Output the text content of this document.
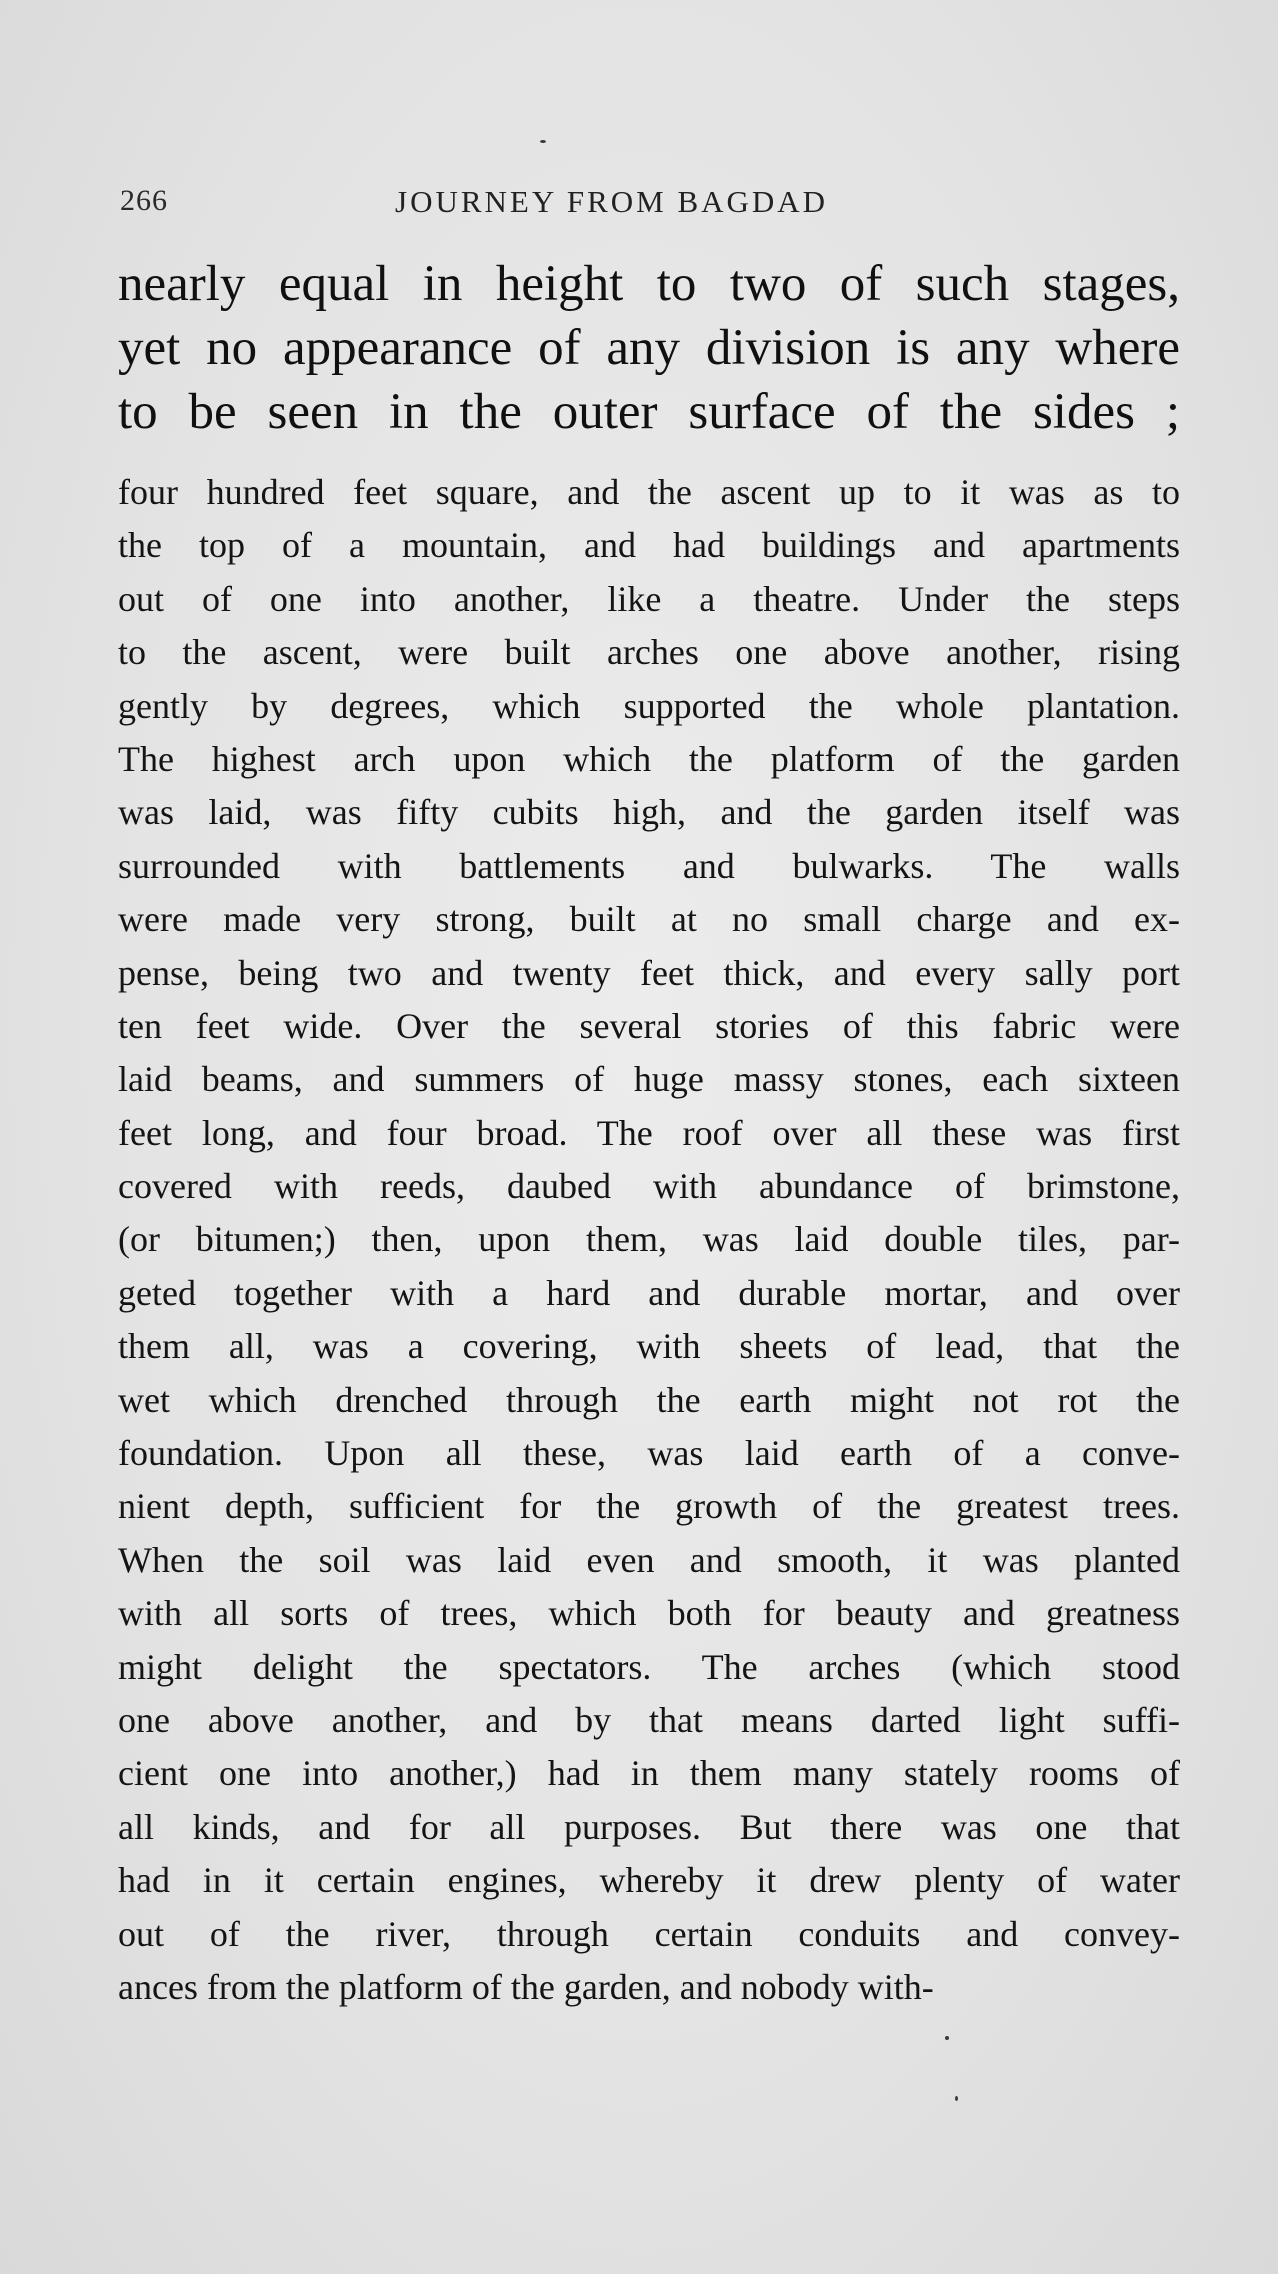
266	JOURNEY FROM BAGDAD
nearly equal in height to two of such stages,
yet no appearance of any division is any where
to be seen in the outer surface of the sides ;
four hundred feet square, and the ascent up to it was as to
the top of a mountain, and had buildings and apartments
out of one into another, like a theatre. Under the steps
to the ascent, were built arches one above another, rising
gently by degrees, which supported the whole plantation.
The highest arch upon which the platform of the garden
was laid, was fifty cubits high, and the garden itself was
surrounded with battlements and bulwarks. The walls
were made very strong, built at no small charge and ex-
pense, being two and twenty feet thick, and every sally port
ten feet wide. Over the several stories of this fabric were
laid beams, and summers of huge massy stones, each sixteen
feet long, and four broad. The roof over all these was first
covered with reeds, daubed with abundance of brimstone,
(or bitumen;) then, upon them, was laid double tiles, par-
geted together with a hard and durable mortar, and over
them all, was a covering, with sheets of lead, that the
wet which drenched through the earth might not rot the
foundation. Upon all these, was laid earth of a conve-
nient depth, sufficient for the growth of the greatest trees.
When the soil was laid even and smooth, it was planted
with all sorts of trees, which both for beauty and greatness
might delight the spectators. The arches (which stood
one above another, and by that means darted light suffi-
cient one into another,) had in them many stately rooms of
all kinds, and for all purposes. But there was one that
had in it certain engines, whereby it drew plenty of water
out of the river, through certain conduits and convey-
ances from the platform of the garden, and nobody with-
